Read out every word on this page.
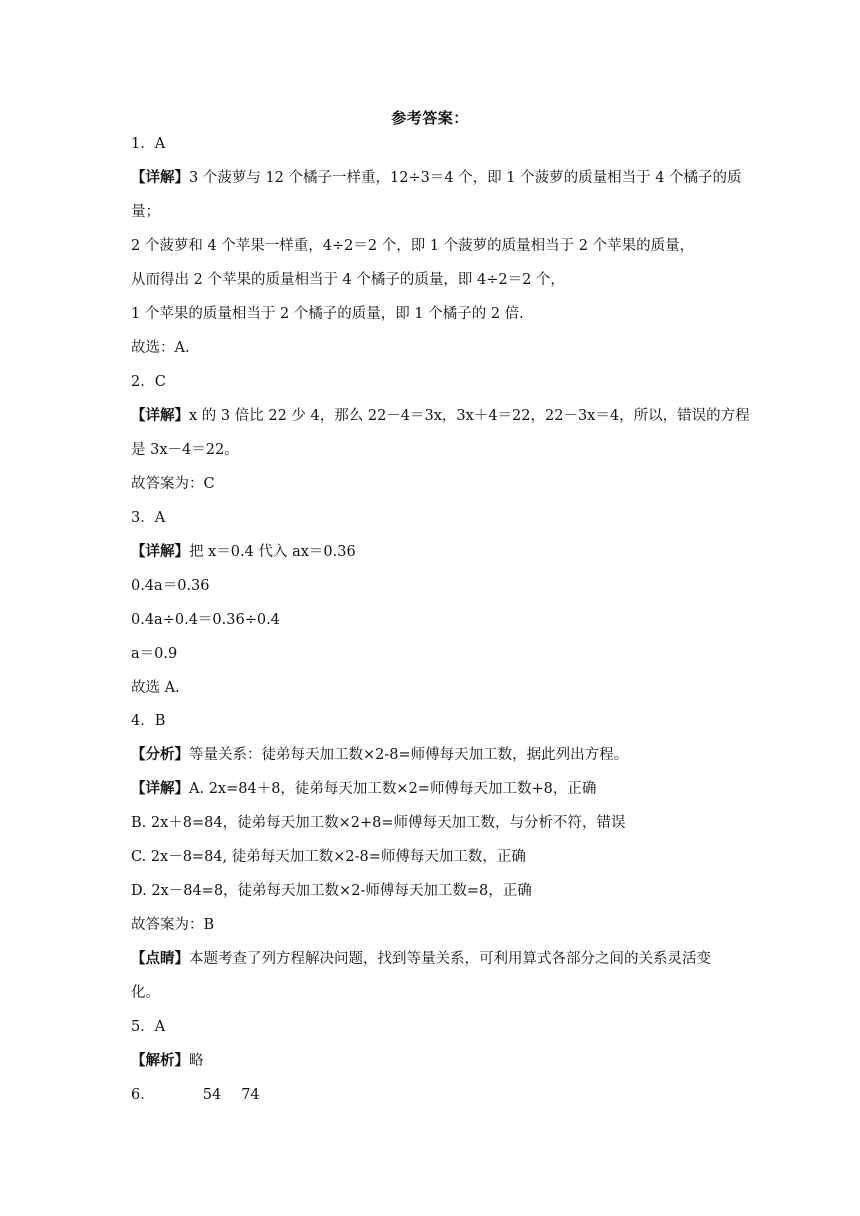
参考答案：
1．A
【详解】3 个菠萝与 12 个橘子一样重，12÷3＝4 个，即 1 个菠萝的质量相当于 4 个橘子的质
量；
2 个菠萝和 4 个苹果一样重，4÷2＝2 个，即 1 个菠萝的质量相当于 2 个苹果的质量，
从而得出 2 个苹果的质量相当于 4 个橘子的质量，即 4÷2＝2 个，
1 个苹果的质量相当于 2 个橘子的质量，即 1 个橘子的 2 倍.
故选：A.
2．C
【详解】x 的 3 倍比 22 少 4，那么 22－4＝3x，3x＋4＝22，22－3x＝4，所以，错误的方程
是 3x－4＝22。
故答案为：C
3．A
【详解】把 x＝0.4 代入 ax＝0.36
0.4a＝0.36
0.4a÷0.4＝0.36÷0.4
a＝0.9
故选 A.
4．B
【分析】等量关系：徒弟每天加工数×2-8=师傅每天加工数，据此列出方程。
【详解】A. 2x=84＋8，徒弟每天加工数×2=师傅每天加工数+8，正确
B. 2x＋8=84，徒弟每天加工数×2+8=师傅每天加工数，与分析不符，错误
C. 2x－8=84, 徒弟每天加工数×2-8=师傅每天加工数，正确
D. 2x－84=8，徒弟每天加工数×2-师傅每天加工数=8，正确
故答案为：B
【点睛】本题考查了列方程解决问题，找到等量关系，可利用算式各部分之间的关系灵活变
化。
5．A
【解析】略
6．	54 74
